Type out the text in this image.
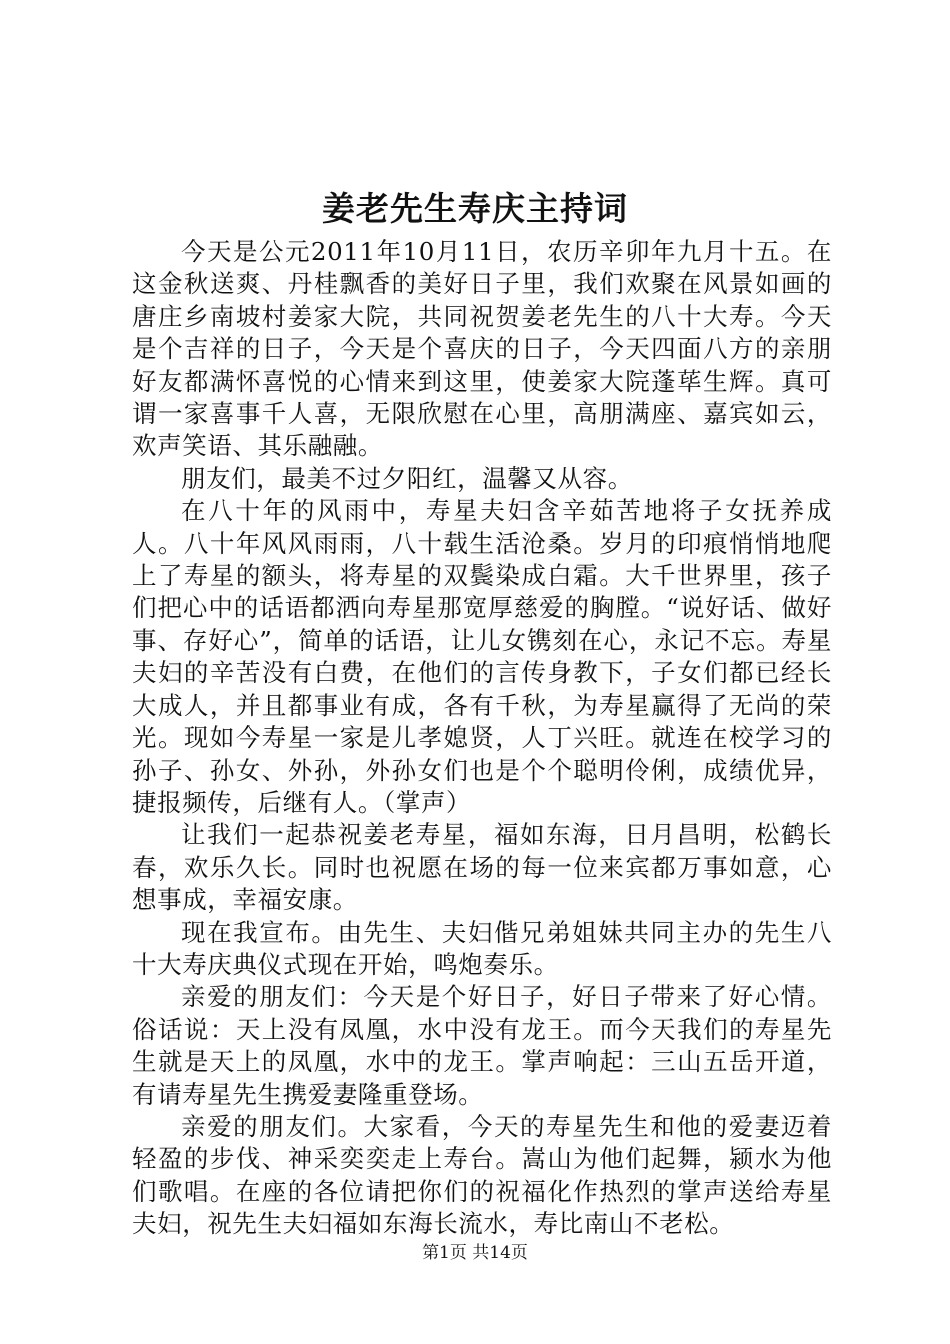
姜老先生寿庆主持词

今天是公元2011年10月11日，农历辛卯年九月十五。在这金秋送爽、丹桂飘香的美好日子里，我们欢聚在风景如画的唐庄乡南坡村姜家大院，共同祝贺姜老先生的八十大寿。今天是个吉祥的日子，今天是个喜庆的日子，今天四面八方的亲朋好友都满怀喜悦的心情来到这里，使姜家大院蓬荜生辉。真可谓一家喜事千人喜，无限欣慰在心里，高朋满座、嘉宾如云，欢声笑语、其乐融融。

朋友们，最美不过夕阳红，温馨又从容。

在八十年的风雨中，寿星夫妇含辛茹苦地将子女抚养成人。八十年风风雨雨，八十载生活沧桑。岁月的印痕悄悄地爬上了寿星的额头，将寿星的双鬓染成白霜。大千世界里，孩子们把心中的话语都洒向寿星那宽厚慈爱的胸膛。“说好话、做好事、存好心”，简单的话语，让儿女镌刻在心，永记不忘。寿星夫妇的辛苦没有白费，在他们的言传身教下，子女们都已经长大成人，并且都事业有成，各有千秋，为寿星赢得了无尚的荣光。现如今寿星一家是儿孝媳贤，人丁兴旺。就连在校学习的孙子、孙女、外孙，外孙女们也是个个聪明伶俐，成绩优异，捷报频传，后继有人。（掌声）

让我们一起恭祝姜老寿星，福如东海，日月昌明，松鹤长春，欢乐久长。同时也祝愿在场的每一位来宾都万事如意，心想事成，幸福安康。

现在我宣布。由先生、夫妇偕兄弟姐妹共同主办的先生八十大寿庆典仪式现在开始，鸣炮奏乐。

亲爱的朋友们：今天是个好日子，好日子带来了好心情。俗话说：天上没有凤凰，水中没有龙王。而今天我们的寿星先生就是天上的凤凰，水中的龙王。掌声响起：三山五岳开道，有请寿星先生携爱妻隆重登场。

亲爱的朋友们。大家看，今天的寿星先生和他的爱妻迈着轻盈的步伐、神采奕奕走上寿台。嵩山为他们起舞，颍水为他们歌唱。在座的各位请把你们的祝福化作热烈的掌声送给寿星夫妇，祝先生夫妇福如东海长流水，寿比南山不老松。

第1页 共14页
